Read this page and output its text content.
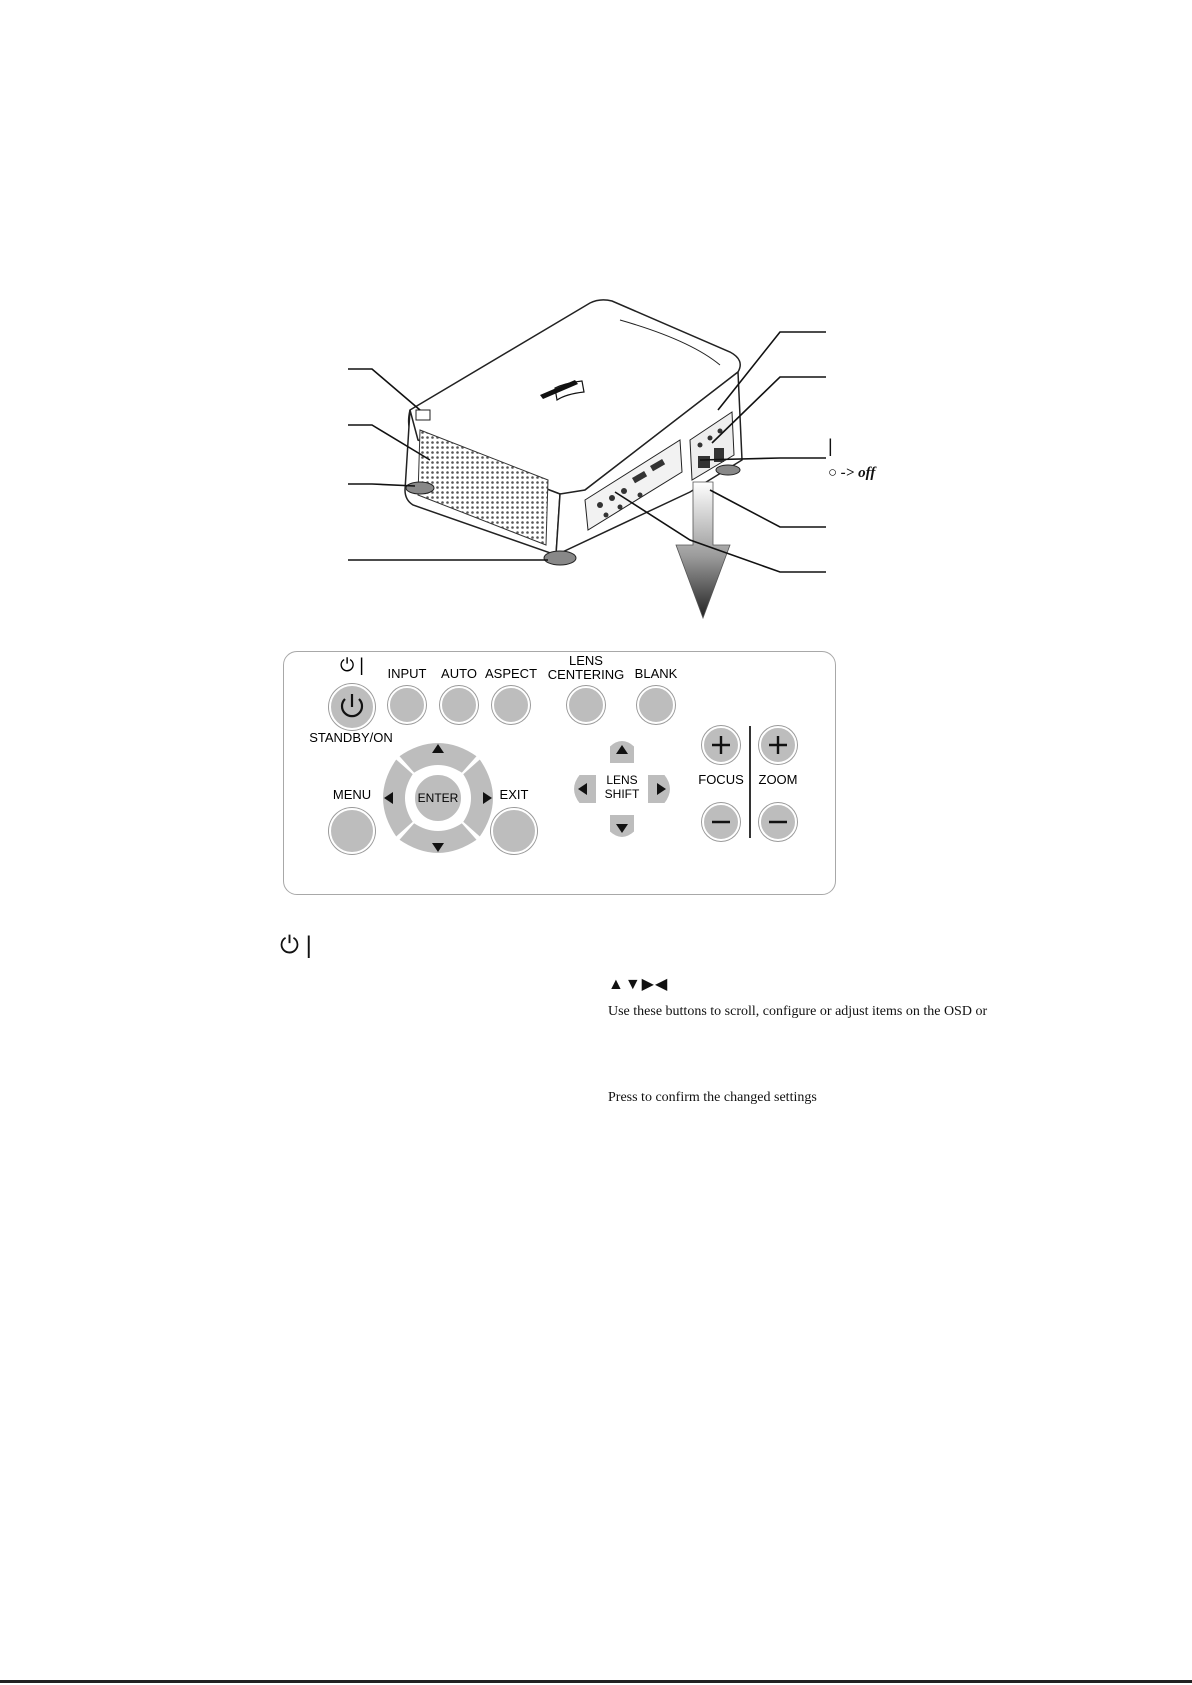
|
○ -> off
⏻ |
STANDBY/ON
INPUT AUTO ASPECT
LENS CENTERING BLANK
MENU	ENTER	EXIT
LENS SHIFT
FOCUS ZOOM
⏻ |
▲▼▶◀
Use these buttons to scroll, configure or adjust items on the OSD or
Press to confirm the changed settings
